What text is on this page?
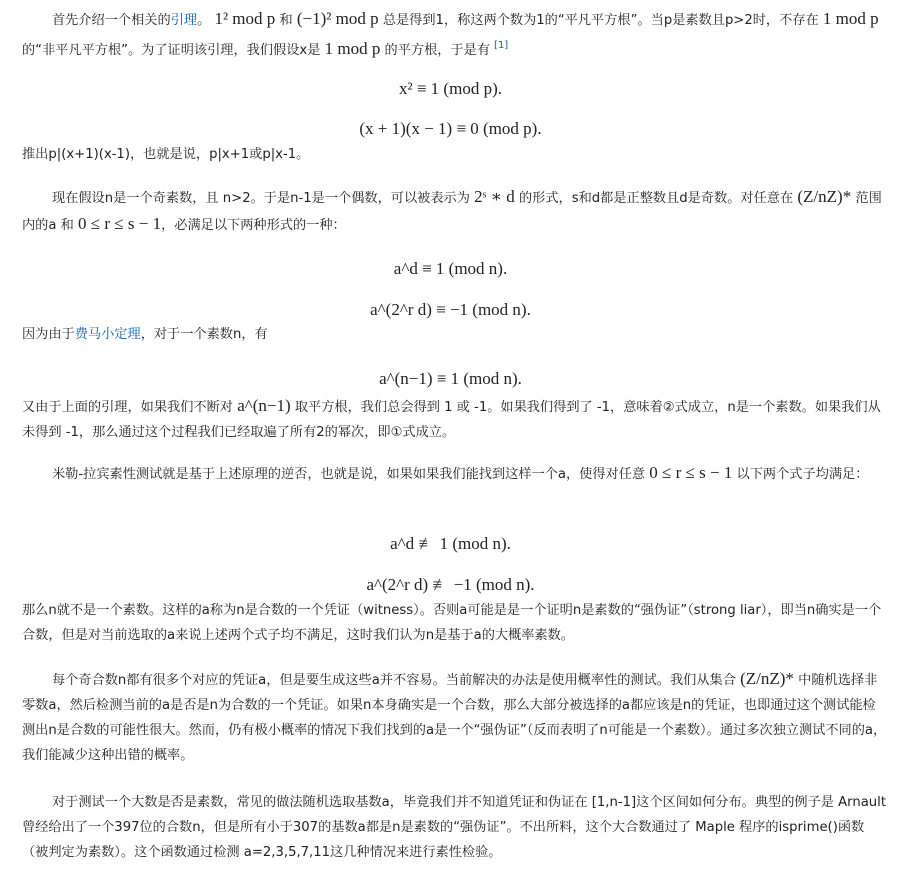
首先介绍一个相关的引理。 1² mod p 和 (−1)² mod p 总是得到1，称这两个数为1的“平凡平方根”。当p是素数且p>2时，不存在 1 mod p 的“非平凡平方根”。为了证明该引理，我们假设x是 1 mod p 的平方根，于是有 [1]

x² ≡ 1 (mod p).
(x + 1)(x − 1) ≡ 0 (mod p).

推出p|(x+1)(x-1)，也就是说，p|x+1或p|x-1。

现在假设n是一个奇素数，且 n>2。于是n-1是一个偶数，可以被表示为 2ˢ ∗ d 的形式，s和d都是正整数且d是奇数。对任意在 (Z/nZ)* 范围内的a 和 0 ≤ r ≤ s − 1，必满足以下两种形式的一种：

a^d ≡ 1 (mod n).
a^(2^r d) ≡ −1 (mod n).

因为由于费马小定理，对于一个素数n，有

a^(n−1) ≡ 1 (mod n).

又由于上面的引理，如果我们不断对 a^(n−1) 取平方根，我们总会得到 1 或 -1。如果我们得到了 -1，意味着②式成立，n是一个素数。如果我们从未得到 -1，那么通过这个过程我们已经取遍了所有2的幂次，即①式成立。

米勒-拉宾素性测试就是基于上述原理的逆否，也就是说，如果如果我们能找到这样一个a，使得对任意 0 ≤ r ≤ s − 1 以下两个式子均满足：

a^d ≢ 1 (mod n).
a^(2^r d) ≢ −1 (mod n).

那么n就不是一个素数。这样的a称为n是合数的一个凭证（witness）。否则a可能是是一个证明n是素数的“强伪证”（strong liar），即当n确实是一个合数，但是对当前选取的a来说上述两个式子均不满足，这时我们认为n是基于a的大概率素数。

每个奇合数n都有很多个对应的凭证a，但是要生成这些a并不容易。当前解决的办法是使用概率性的测试。我们从集合 (Z/nZ)* 中随机选择非零数a，然后检测当前的a是否是n为合数的一个凭证。如果n本身确实是一个合数，那么大部分被选择的a都应该是n的凭证，也即通过这个测试能检测出n是合数的可能性很大。然而，仍有极小概率的情况下我们找到的a是一个“强伪证”（反而表明了n可能是一个素数）。通过多次独立测试不同的a，我们能减少这种出错的概率。

对于测试一个大数是否是素数，常见的做法随机选取基数a，毕竟我们并不知道凭证和伪证在 [1,n-1]这个区间如何分布。典型的例子是 Arnault 曾经给出了一个397位的合数n，但是所有小于307的基数a都是n是素数的“强伪证”。不出所料，这个大合数通过了 Maple 程序的isprime()函数（被判定为素数）。这个函数通过检测 a=2,3,5,7,11这几种情况来进行素性检验。
